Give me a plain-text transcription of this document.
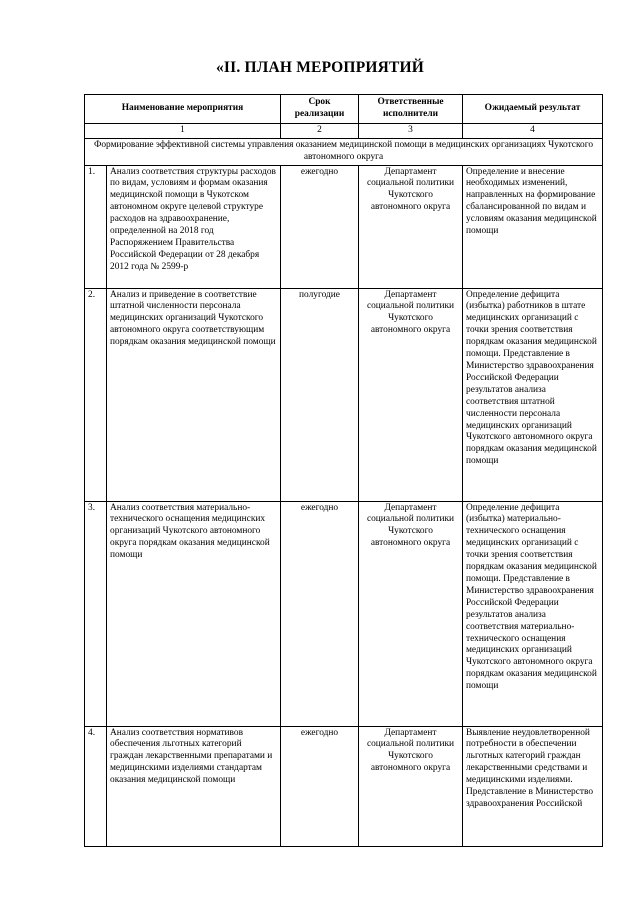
«II. ПЛАН МЕРОПРИЯТИЙ
Наименование мероприятия		Срок реализации	Ответственные исполнители	Ожидаемый результат
1		2	3	4
Формирование эффективной системы управления оказанием медицинской помощи в медицинских организациях Чукотского автономного округа				
1.	Анализ соответствия структуры расходов по видам, условиям и формам оказания медицинской помощи в Чукотском автономном округе целевой структуре расходов на здравоохранение, определенной на 2018 год Распоряжением Правительства Российской Федерации от 28 декабря 2012 года № 2599-р	ежегодно	Департамент социальной политики Чукотского автономного округа	Определение и внесение необходимых изменений, направленных на формирование сбалансированной по видам и условиям оказания медицинской помощи
2.	Анализ и приведение в соответствие штатной численности персонала медицинских организаций Чукотского автономного округа соответствующим порядкам оказания медицинской помощи	полугодие	Департамент социальной политики Чукотского автономного округа	Определение дефицита (избытка) работников в штате медицинских организаций с точки зрения соответствия порядкам оказания медицинской помощи. Представление в Министерство здравоохранения Российской Федерации результатов анализа соответствия штатной численности персонала медицинских организаций Чукотского автономного округа порядкам оказания медицинской помощи
3.	Анализ соответствия материально-технического оснащения медицинских организаций Чукотского автономного округа порядкам оказания медицинской помощи	ежегодно	Департамент социальной политики Чукотского автономного округа	Определение дефицита (избытка) материально-технического оснащения медицинских организаций с точки зрения соответствия порядкам оказания медицинской помощи. Представление в Министерство здравоохранения Российской Федерации результатов анализа соответствия материально-технического оснащения медицинских организаций Чукотского автономного округа порядкам оказания медицинской помощи
4.	Анализ соответствия нормативов обеспечения льготных категорий граждан лекарственными препаратами и медицинскими изделиями стандартам оказания медицинской помощи	ежегодно	Департамент социальной политики Чукотского автономного округа	Выявление неудовлетворенной потребности в обеспечении льготных категорий граждан лекарственными средствами и медицинскими изделиями. Представление в Министерство здравоохранения Российской
